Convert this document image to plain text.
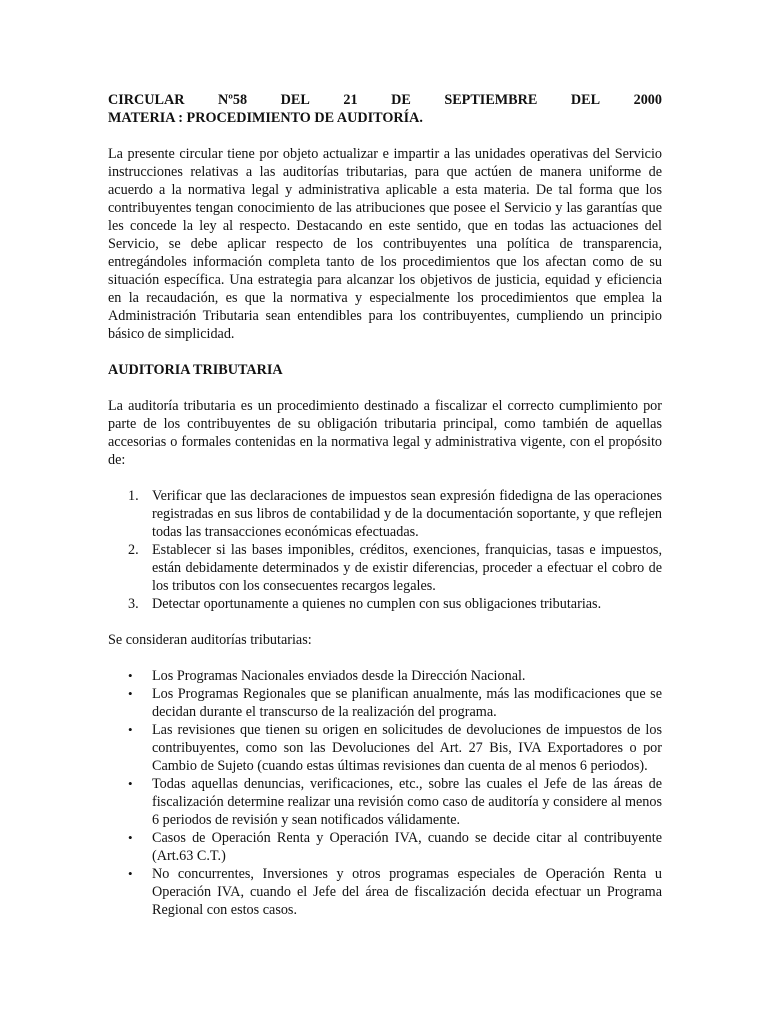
CIRCULAR Nº58 DEL 21 DE SEPTIEMBRE DEL 2000
MATERIA : PROCEDIMIENTO DE AUDITORÍA.

La presente circular tiene por objeto actualizar e impartir a las unidades operativas del Servicio instrucciones relativas a las auditorías tributarias, para que actúen de manera uniforme de acuerdo a la normativa legal y administrativa aplicable a esta materia. De tal forma que los contribuyentes tengan conocimiento de las atribuciones que posee el Servicio y las garantías que les concede la ley al respecto. Destacando en este sentido, que en todas las actuaciones del Servicio, se debe aplicar respecto de los contribuyentes una política de transparencia, entregándoles información completa tanto de los procedimientos que los afectan como de su situación específica. Una estrategia para alcanzar los objetivos de justicia, equidad y eficiencia en la recaudación, es que la normativa y especialmente los procedimientos que emplea la Administración Tributaria sean entendibles para los contribuyentes, cumpliendo un principio básico de simplicidad.

AUDITORIA TRIBUTARIA

La auditoría tributaria es un procedimiento destinado a fiscalizar el correcto cumplimiento por parte de los contribuyentes de su obligación tributaria principal, como también de aquellas accesorias o formales contenidas en la normativa legal y administrativa vigente, con el propósito de:

1. Verificar que las declaraciones de impuestos sean expresión fidedigna de las operaciones registradas en sus libros de contabilidad y de la documentación soportante, y que reflejen todas las transacciones económicas efectuadas.
2. Establecer si las bases imponibles, créditos, exenciones, franquicias, tasas e impuestos, están debidamente determinados y de existir diferencias, proceder a efectuar el cobro de los tributos con los consecuentes recargos legales.
3. Detectar oportunamente a quienes no cumplen con sus obligaciones tributarias.

Se consideran auditorías tributarias:

• Los Programas Nacionales enviados desde la Dirección Nacional.
• Los Programas Regionales que se planifican anualmente, más las modificaciones que se decidan durante el transcurso de la realización del programa.
• Las revisiones que tienen su origen en solicitudes de devoluciones de impuestos de los contribuyentes, como son las Devoluciones del Art. 27 Bis, IVA Exportadores o por Cambio de Sujeto (cuando estas últimas revisiones dan cuenta de al menos 6 periodos).
• Todas aquellas denuncias, verificaciones, etc., sobre las cuales el Jefe de las áreas de fiscalización determine realizar una revisión como caso de auditoría y considere al menos 6 periodos de revisión y sean notificados válidamente.
• Casos de Operación Renta y Operación IVA, cuando se decide citar al contribuyente (Art.63 C.T.)
• No concurrentes, Inversiones y otros programas especiales de Operación Renta u Operación IVA, cuando el Jefe del área de fiscalización decida efectuar un Programa Regional con estos casos.
